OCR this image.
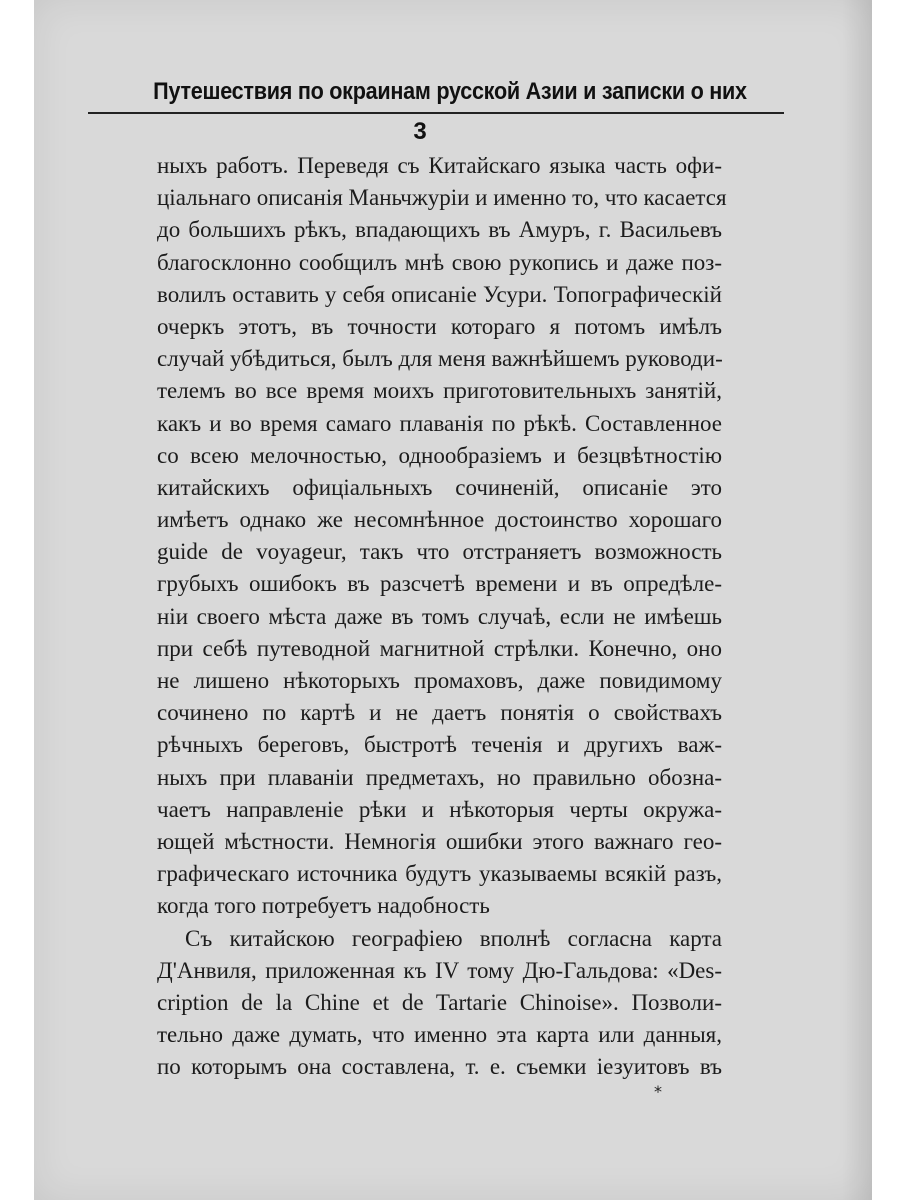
Путешествия по окраинам русской Азии и записки о них
3
ныхъ работъ. Переведя съ Китайскаго языка часть офи-
ціальнаго описанія Маньчжуріи и именно то, что касается
до большихъ рѣкъ, впадающихъ въ Амуръ, г. Васильевъ
благосклонно сообщилъ мнѣ свою рукопись и даже поз-
волилъ оставить у себя описаніе Усури. Топографическій
очеркъ этотъ, въ точности котораго я потомъ имѣлъ
случай убѣдиться, былъ для меня важнѣйшемъ руководи-
телемъ во все время моихъ приготовительныхъ занятій,
какъ и во время самаго плаванія по рѣкѣ. Составленное
со всею мелочностью, однообразіемъ и безцвѣтностію
китайскихъ офиціальныхъ сочиненій, описаніе это
имѣетъ однако же несомнѣнное достоинство хорошаго
guide de voyageur, такъ что отстраняетъ возможность
грубыхъ ошибокъ въ разсчетѣ времени и въ опредѣле-
ніи своего мѣста даже въ томъ случаѣ, если не имѣешь
при себѣ путеводной магнитной стрѣлки. Конечно, оно
не лишено нѣкоторыхъ промаховъ, даже повидимому
сочинено по картѣ и не даетъ понятія о свойствахъ
рѣчныхъ береговъ, быстротѣ теченія и другихъ важ-
ныхъ при плаваніи предметахъ, но правильно обозна-
чаетъ направленіе рѣки и нѣкоторыя черты окружа-
ющей мѣстности. Немногія ошибки этого важнаго гео-
графическаго источника будутъ указываемы всякій разъ,
когда того потребуетъ надобность
Съ китайскою географіею вполнѣ согласна карта
Д'Анвиля, приложенная къ IV тому Дю-Гальдова: «Des-
cription de la Chine et de Tartarie Chinoise». Позволи-
тельно даже думать, что именно эта карта или данныя,
по которымъ она составлена, т. е. съемки іезуитовъ въ
*
